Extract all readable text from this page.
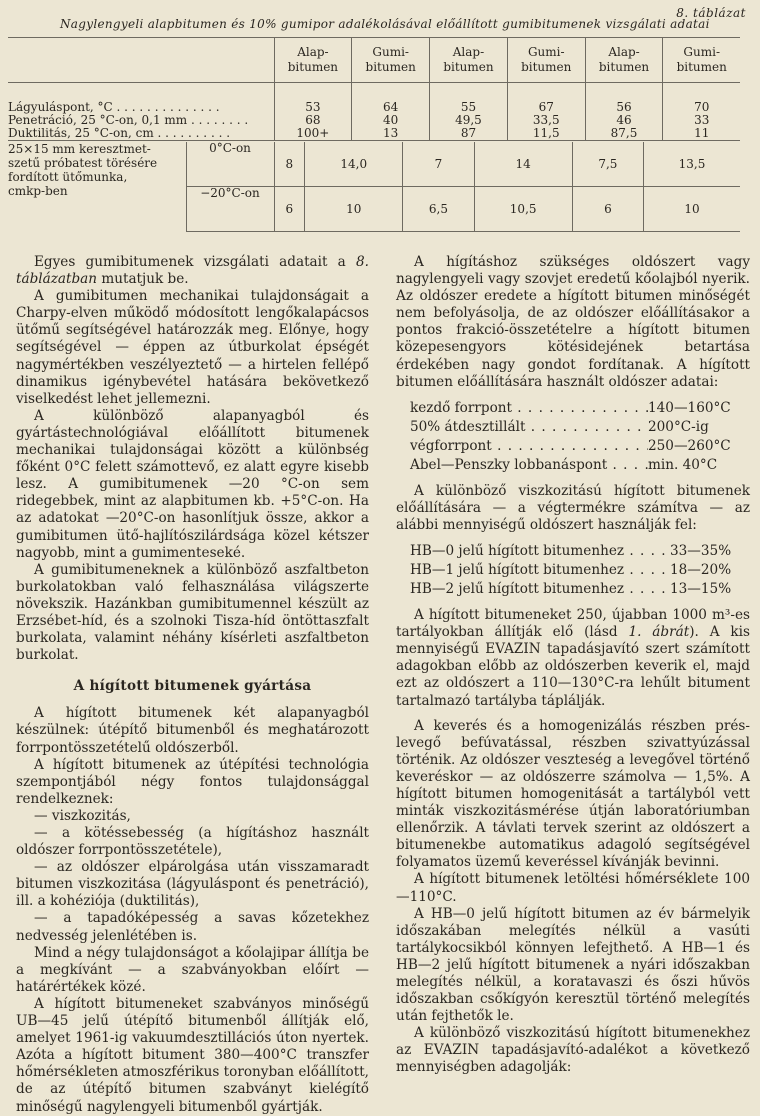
8. táblázat
Nagylengyeli alapbitumen és 10% gumipor adalékolásával előállított gumibitumenek vizsgálati adatai
	Alap-
bitumen	Gumi-
bitumen	Alap-
bitumen	Gumi-
bitumen	Alap-
bitumen	Gumi-
bitumen

Lágyuláspont, °C . . . . . . . . . . . . . .	53	64	55	67	56	70
Penetráció, 25 °C-on, 0,1 mm . . . . . . . .	68	40	49,5	33,5	46	33
Duktilitás, 25 °C-on, cm . . . . . . . . . .	100+	13	87	11,5	87,5	11
25×15 mm keresztmet-
szetű próbatest törésére
fordított ütőmunka,
cmkp-ben	0°C-on	8	14,0	7	14	7,5	13,5
	−20°C-on	6	10	6,5	10,5	6	10

Egyes gumibitumenek vizsgálati adatait a 8. táblázatban mutatjuk be.

A gumibitumen mechanikai tulajdonságait a Charpy-elven működő módosított lengőkalapácsos ütőmű segítségével határozzák meg. Előnye, hogy segítségével — éppen az útburkolat épségét nagymértékben veszélyeztető — a hirtelen fellépő dinamikus igénybevétel hatására bekövetkező viselkedést lehet jellemezni.

A különböző alapanyagból és gyártástechnológiával előállított bitumenek mechanikai tulajdonságai között a különbség főként 0°C felett számottevő, ez alatt egyre kisebb lesz. A gumibitumenek —20 °C-on sem ridegebbek, mint az alapbitumen kb. +5°C-on. Ha az adatokat —20°C-on hasonlítjuk össze, akkor a gumibitumen ütő-hajlítószilárdsága közel kétszer nagyobb, mint a gumimenteseké.

A gumibitumeneknek a különböző aszfaltbeton burkolatokban való felhasználása világszerte növekszik. Hazánkban gumibitumennel készült az Erzsébet-híd, és a szolnoki Tisza-híd öntöttaszfalt burkolata, valamint néhány kísérleti aszfaltbeton burkolat.

A hígított bitumenek gyártása

A hígított bitumenek két alapanyagból készülnek: útépítő bitumenből és meghatározott forrpontösszetételű oldószerből.

A hígított bitumenek az útépítési technológia szempontjából négy fontos tulajdonsággal rendelkeznek:

— viszkozitás,

— a kötéssebesség (a hígításhoz használt oldószer forrpontösszetétele),

— az oldószer elpárolgása után visszamaradt bitumen viszkozitása (lágyuláspont és penetráció), ill. a kohéziója (duktilitás),

— a tapadóképesség a savas kőzetekhez nedvesség jelenlétében is.

Mind a négy tulajdonságot a kőolajipar állítja be a megkívánt — a szabványokban előírt — határértékek közé.

A hígított bitumeneket szabványos minőségű UB—45 jelű útépítő bitumenből állítják elő, amelyet 1961-ig vakuumdesztillációs úton nyertek. Azóta a hígított bitument 380—400°C transzfer hőmérsékleten atmoszférikus toronyban előállított, de az útépítő bitumen szabványt kielégítő minőségű nagylengyeli bitumenből gyártják.

A hígításhoz szükséges oldószert vagy nagylengyeli vagy szovjet eredetű kőolajból nyerik. Az oldószer eredete a hígított bitumen minőségét nem befolyásolja, de az oldószer előállításakor a pontos frakció-összetételre a hígított bitumen közepesengyors kötésidejének betartása érdekében nagy gondot fordítanak. A hígított bitumen előállítására használt oldószer adatai:

kezdő forrpont . . .	140—160°C
50% átdesztillált . . .	200°C-ig
végforrpont . . .	250—260°C
Abel—Penszky lobbanáspont . . .	min. 40°C

A különböző viszkozitású hígított bitumenek előállítására — a végtermékre számítva — az alábbi mennyiségű oldószert használják fel:

HB—0 jelű hígított bitumenhez . . .	33—35%
HB—1 jelű hígított bitumenhez . . .	18—20%
HB—2 jelű hígított bitumenhez . . .	13—15%

A hígított bitumeneket 250, újabban 1000 m³-es tartályokban állítják elő (lásd 1. ábrát). A kis mennyiségű EVAZIN tapadásjavító szert számított adagokban előbb az oldószerben keverik el, majd ezt az oldószert a 110—130°C-ra lehűlt bitument tartalmazó tartályba táplálják.

A keverés és a homogenizálás részben prés-levegő befúvatással, részben szivattyúzással történik. Az oldószer veszteség a levegővel történő keveréskor — az oldószerre számolva — 1,5%. A hígított bitumen homogenitását a tartályból vett minták viszkozitásmérése útján laboratóriumban ellenőrzik. A távlati tervek szerint az oldószert a bitumenekbe automatikus adagoló segítségével folyamatos üzemű keveréssel kívánják bevinni.

A hígított bitumenek letöltési hőmérséklete 100—110°C.

A HB—0 jelű hígított bitumen az év bármelyik időszakában melegítés nélkül a vasúti tartálykocsikból könnyen lefejthető. A HB—1 és HB—2 jelű hígított bitumenek a nyári időszakban melegítés nélkül, a koratavaszi és őszi hűvös időszakban csőkígyón keresztül történő melegítés után fejthetők le.

A különböző viszkozitású hígított bitumenekhez az EVAZIN tapadásjavító-adalékot a következő mennyiségben adagolják:
